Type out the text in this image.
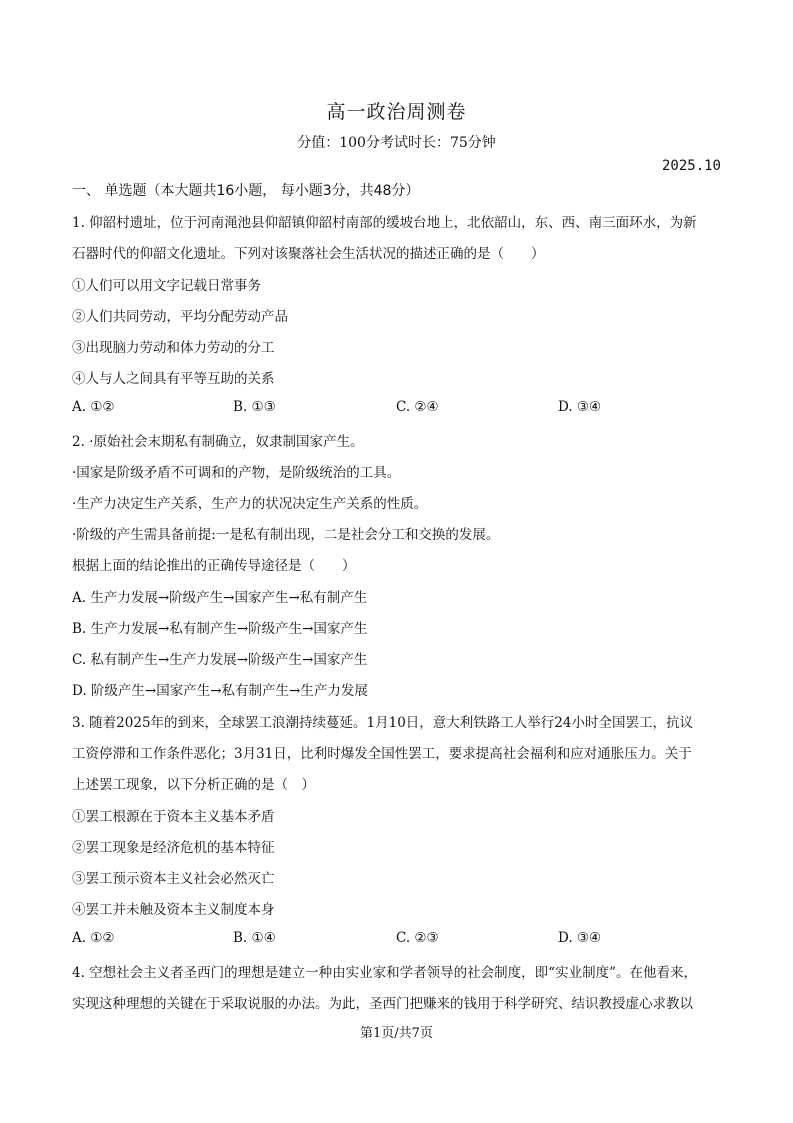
高一政治周测卷
分值：100分考试时长：75分钟
2025.10
一、 单选题（本大题共16小题， 每小题3分，共48分）
1. 仰韶村遗址，位于河南渑池县仰韶镇仰韶村南部的缓坡台地上，北依韶山，东、西、南三面环水，为新
石器时代的仰韶文化遗址。下列对该聚落社会生活状况的描述正确的是（　　）
①人们可以用文字记载日常事务
②人们共同劳动，平均分配劳动产品
③出现脑力劳动和体力劳动的分工
④人与人之间具有平等互助的关系
A. ①②	B. ①③	C. ②④	D. ③④
2. ·原始社会末期私有制确立，奴隶制国家产生。
·国家是阶级矛盾不可调和的产物，是阶级统治的工具。
·生产力决定生产关系，生产力的状况决定生产关系的性质。
·阶级的产生需具备前提:一是私有制出现，二是社会分工和交换的发展。
根据上面的结论推出的正确传导途径是（　　）
A. 生产力发展→阶级产生→国家产生→私有制产生
B. 生产力发展→私有制产生→阶级产生→国家产生
C. 私有制产生→生产力发展→阶级产生→国家产生
D. 阶级产生→国家产生→私有制产生→生产力发展
3. 随着2025年的到来，全球罢工浪潮持续蔓延。1月10日，意大利铁路工人举行24小时全国罢工，抗议
工资停滞和工作条件恶化；3月31日，比利时爆发全国性罢工，要求提高社会福利和应对通胀压力。关于
上述罢工现象，以下分析正确的是（　）
①罢工根源在于资本主义基本矛盾
②罢工现象是经济危机的基本特征
③罢工预示资本主义社会必然灭亡
④罢工并未触及资本主义制度本身
A. ①②	B. ①④	C. ②③	D. ③④
4. 空想社会主义者圣西门的理想是建立一种由实业家和学者领导的社会制度，即“实业制度”。在他看来，
实现这种理想的关键在于采取说服的办法。为此，圣西门把赚来的钱用于科学研究、结识教授虚心求教以
第1页/共7页
